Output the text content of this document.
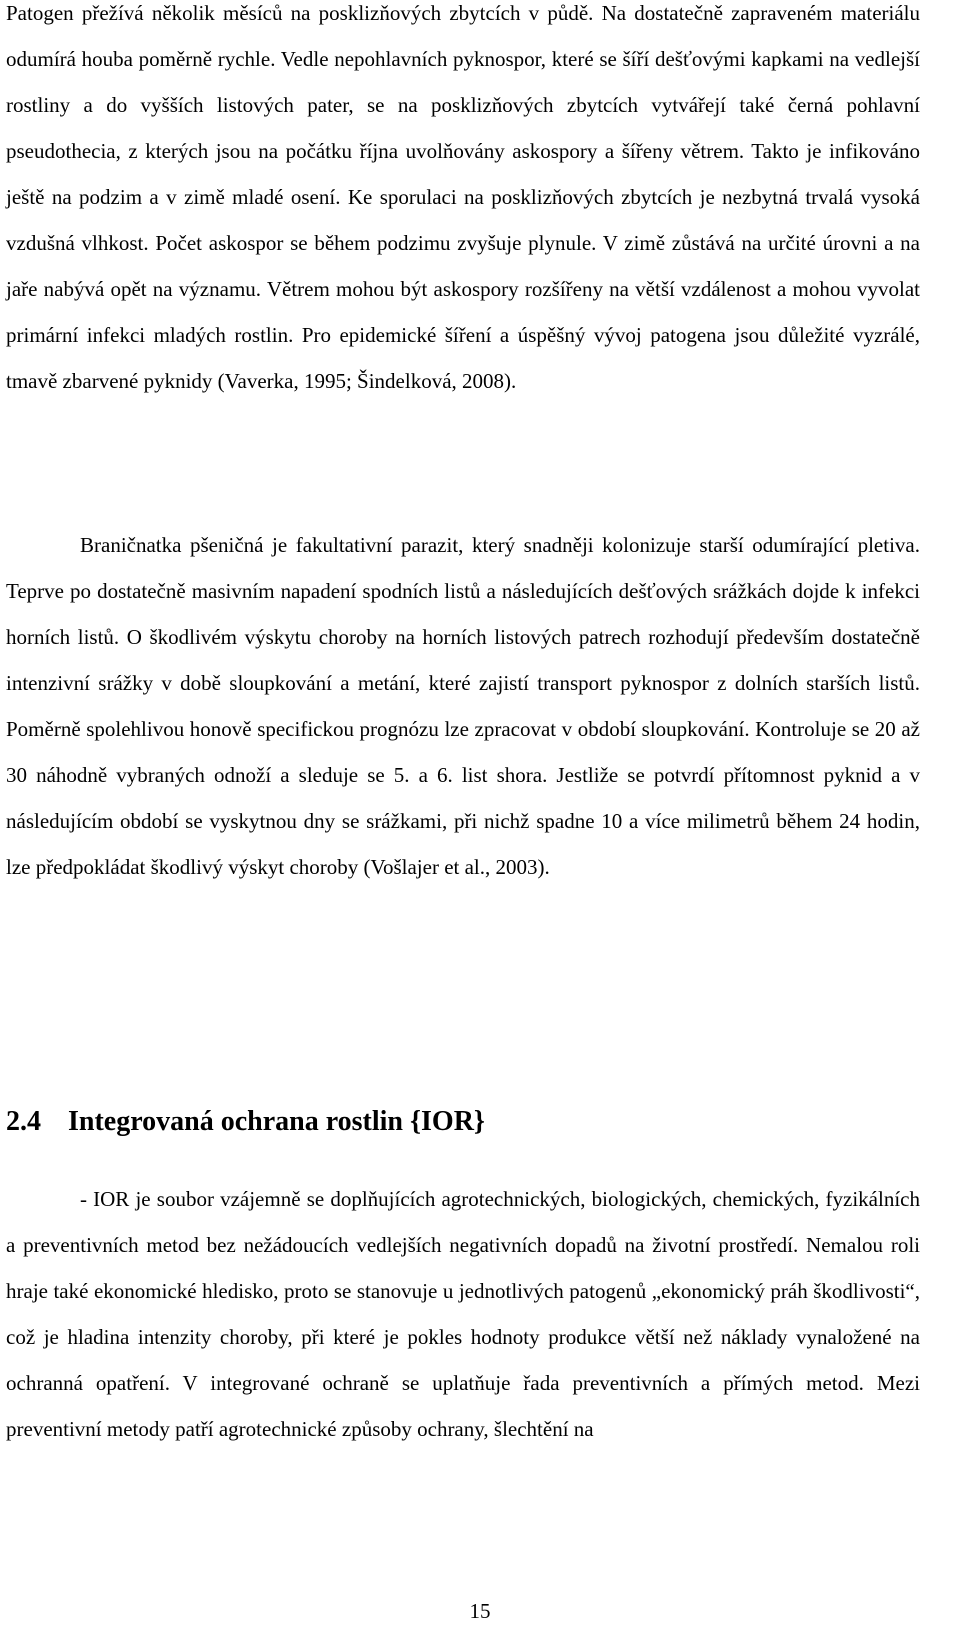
Patogen přežívá několik měsíců na posklizňových zbytcích v půdě. Na dostatečně zapraveném materiálu odumírá houba poměrně rychle. Vedle nepohlavních pyknospor, které se šíří dešťovými kapkami na vedlejší rostliny a do vyšších listových pater, se na posklizňových zbytcích vytvářejí také černá pohlavní pseudothecia, z kterých jsou na počátku října uvolňovány askospory a šířeny větrem. Takto je infikováno ještě na podzim a v zimě mladé osení. Ke sporulaci na posklizňových zbytcích je nezbytná trvalá vysoká vzdušná vlhkost. Počet askospor se během podzimu zvyšuje plynule. V zimě zůstává na určité úrovni a na jaře nabývá opět na významu. Větrem mohou být askospory rozšířeny na větší vzdálenost a mohou vyvolat primární infekci mladých rostlin. Pro epidemické šíření a úspěšný vývoj patogena jsou důležité vyzrálé, tmavě zbarvené pyknidy (Vaverka, 1995; Šindelková, 2008).

Braničnatka pšeničná je fakultativní parazit, který snadněji kolonizuje starší odumírající pletiva. Teprve po dostatečně masivním napadení spodních listů a následujících dešťových srážkách dojde k infekci horních listů. O škodlivém výskytu choroby na horních listových patrech rozhodují především dostatečně intenzivní srážky v době sloupkování a metání, které zajistí transport pyknospor z dolních starších listů. Poměrně spolehlivou honově specifickou prognózu lze zpracovat v období sloupkování. Kontroluje se 20 až 30 náhodně vybraných odnoží a sleduje se 5. a 6. list shora. Jestliže se potvrdí přítomnost pyknid a v následujícím období se vyskytnou dny se srážkami, při nichž spadne 10 a více milimetrů během 24 hodin, lze předpokládat škodlivý výskyt choroby (Vošlajer et al., 2003).

2.4 Integrovaná ochrana rostlin {IOR}

- IOR je soubor vzájemně se doplňujících agrotechnických, biologických, chemických, fyzikálních a preventivních metod bez nežádoucích vedlejších negativních dopadů na životní prostředí. Nemalou roli hraje také ekonomické hledisko, proto se stanovuje u jednotlivých patogenů „ekonomický práh škodlivosti“, což je hladina intenzity choroby, při které je pokles hodnoty produkce větší než náklady vynaložené na ochranná opatření. V integrované ochraně se uplatňuje řada preventivních a přímých metod. Mezi preventivní metody patří agrotechnické způsoby ochrany, šlechtění na

15
